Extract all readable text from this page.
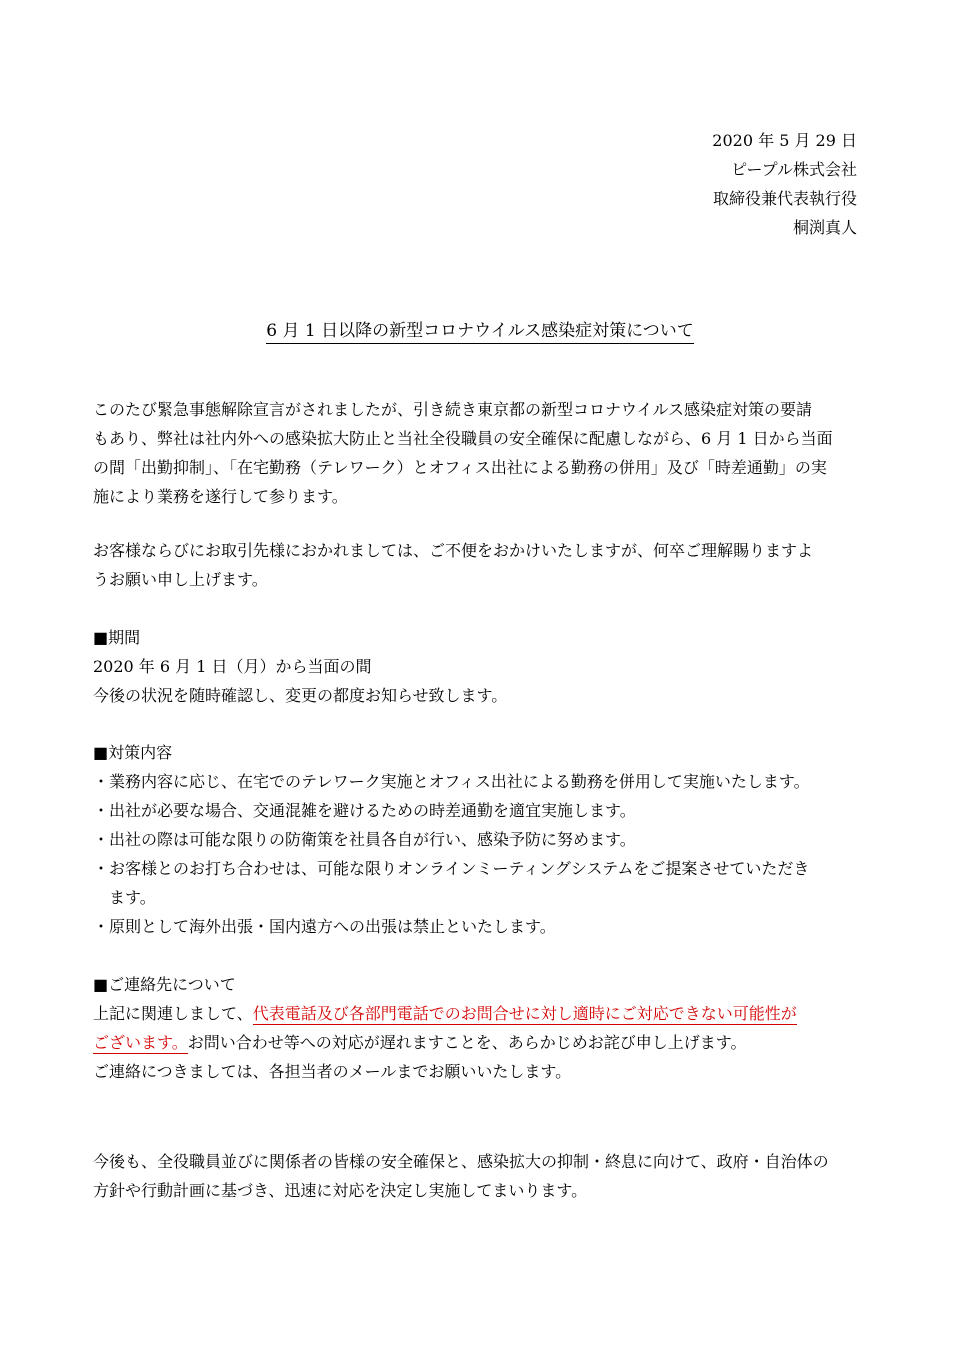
2020 年 5 月 29 日
ピープル株式会社
取締役兼代表執行役
桐渕真人
6 月 1 日以降の新型コロナウイルス感染症対策について
このたび緊急事態解除宣言がされましたが、引き続き東京都の新型コロナウイルス感染症対策の要請
もあり、弊社は社内外への感染拡大防止と当社全役職員の安全確保に配慮しながら、6 月 1 日から当面
の間「出勤抑制」、「在宅勤務（テレワーク）とオフィス出社による勤務の併用」及び「時差通勤」の実
施により業務を遂行して参ります。
お客様ならびにお取引先様におかれましては、ご不便をおかけいたしますが、何卒ご理解賜りますよ
うお願い申し上げます。
■期間
2020 年 6 月 1 日（月）から当面の間
今後の状況を随時確認し、変更の都度お知らせ致します。
■対策内容
・業務内容に応じ、在宅でのテレワーク実施とオフィス出社による勤務を併用して実施いたします。
・出社が必要な場合、交通混雑を避けるための時差通勤を適宜実施します。
・出社の際は可能な限りの防衛策を社員各自が行い、感染予防に努めます。
・お客様とのお打ち合わせは、可能な限りオンラインミーティングシステムをご提案させていただき
ます。
・原則として海外出張・国内遠方への出張は禁止といたします。
■ご連絡先について
上記に関連しまして、代表電話及び各部門電話でのお問合せに対し適時にご対応できない可能性が
ございます。お問い合わせ等への対応が遅れますことを、あらかじめお詫び申し上げます。
ご連絡につきましては、各担当者のメールまでお願いいたします。
今後も、全役職員並びに関係者の皆様の安全確保と、感染拡大の抑制・終息に向けて、政府・自治体の
方針や行動計画に基づき、迅速に対応を決定し実施してまいります。
